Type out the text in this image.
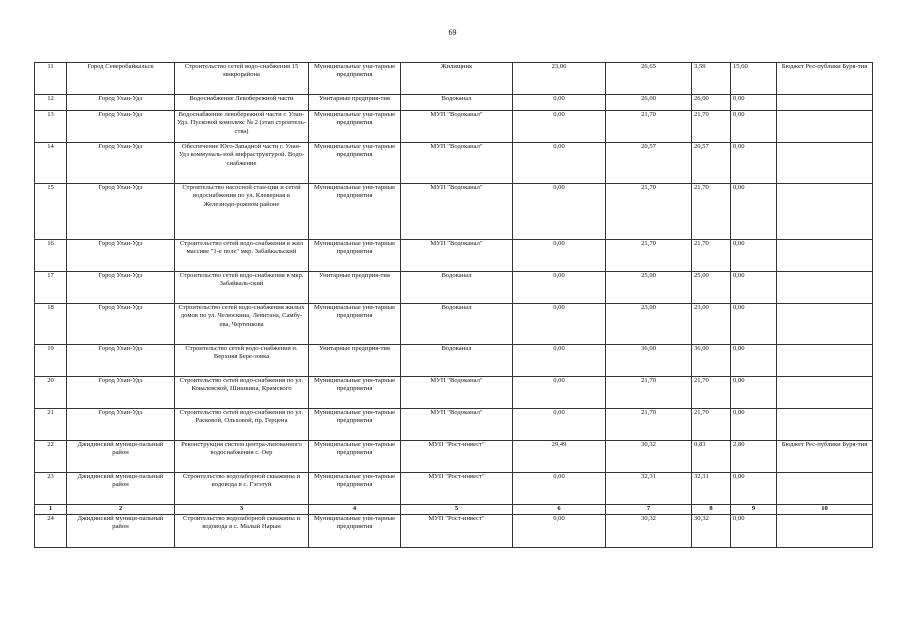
69
11	Город Северобайкальск	Строительство сетей водо-снабжения 15 микрорайона	Муниципальные уни-тарные предприятия	Жилищник	23,06	26,65	3,59	15,60	Бюджет Рес-публики Буря-тия
12	Город Улан-Удэ	Водоснабжение Левобережной части	Унитарные предприя-тия	Водоканал	0,00	26,00	26,00	0,00	
13	Город Улан-Удэ	Водоснабжение левобережной части г. Улан-Удэ. Пусковой комплекс № 2 (этап строитель-ства)	Муниципальные уни-тарные предприятия	МУП "Водоканал"	0,00	21,70	21,70	0,00	
14	Город Улан-Удэ	Обеспечение Юго-Западной части г. Улан-Удэ коммуналь-ной инфраструктурой. Водо-снабжение	Муниципальные уни-тарные предприятия	МУП "Водоканал"	0,00	20,57	20,57	0,00	
15	Город Улан-Удэ	Строительство насосной стан-ции и сетей водоснабжения по ул. Клеверная в Железнодо-рожном районе	Муниципальные уни-тарные предприятия	МУП "Водоканал"	0,00	21,70	21,70	0,00	
16	Город Улан-Удэ	Строительство сетей водо-снабжения в жил массиве "1-е поле" мкр. Забайкальский	Муниципальные уни-тарные предприятия	МУП "Водоканал"	0,00	21,70	21,70	0,00	
17	Город Улан-Удэ	Строительство сетей водо-снабжения в мкр. Забайкаль-ский	Унитарные предприя-тия	Водоканал	0,00	25,00	25,00	0,00	
18	Город Улан-Удэ	Строительство сетей водо-снабжения жилых домов по ул. Челюскина, Левитана, Самбу-ева, Чертенкова	Муниципальные уни-тарные предприятия	Водоканал	0,00	23,00	23,00	0,00	
19	Город Улан-Удэ	Строительство сетей водо-снабжения п. Верхняя Бере-зовка	Унитарные предприя-тия	Водоканал	0,00	36,00	36,00	0,00	
20	Город Улан-Удэ	Строительство сетей водо-снабжения по ул. Ковалевской, Шишкина, Крамского	Муниципальные уни-тарные предприятия	МУП "Водоканал"	0,00	21,70	21,70	0,00	
21	Город Улан-Удэ	Строительство сетей водо-снабжения по ул. Расковой, Ольховой, пр. Герцена	Муниципальные уни-тарные предприятия	МУП "Водоканал"	0,00	21,70	21,70	0,00	
22	Джидинский муници-пальный район	Реконструкция систем центра-лизованного водоснабжения с. Оер	Муниципальные уни-тарные предприятия	МУП "Рост-инвест"	29,49	30,32	0,83	2,80	Бюджет Рес-публики Буря-тия
23	Джидинский муници-пальный район	Строительство водозаборной скважины и водовода в с. Гэгэтуй	Муниципальные уни-тарные предприятия	МУП "Рост-инвест"	0,00	32,31	32,31	0,00	
1	2	3	4	5	6	7	8	9	10
24	Джидинский муници-пальный район	Строительство водозаборной скважины и водовода в с. Малый Нарын	Муниципальные уни-тарные предприятия	МУП "Рост-инвест"	0,00	30,32	30,32	0,00	
